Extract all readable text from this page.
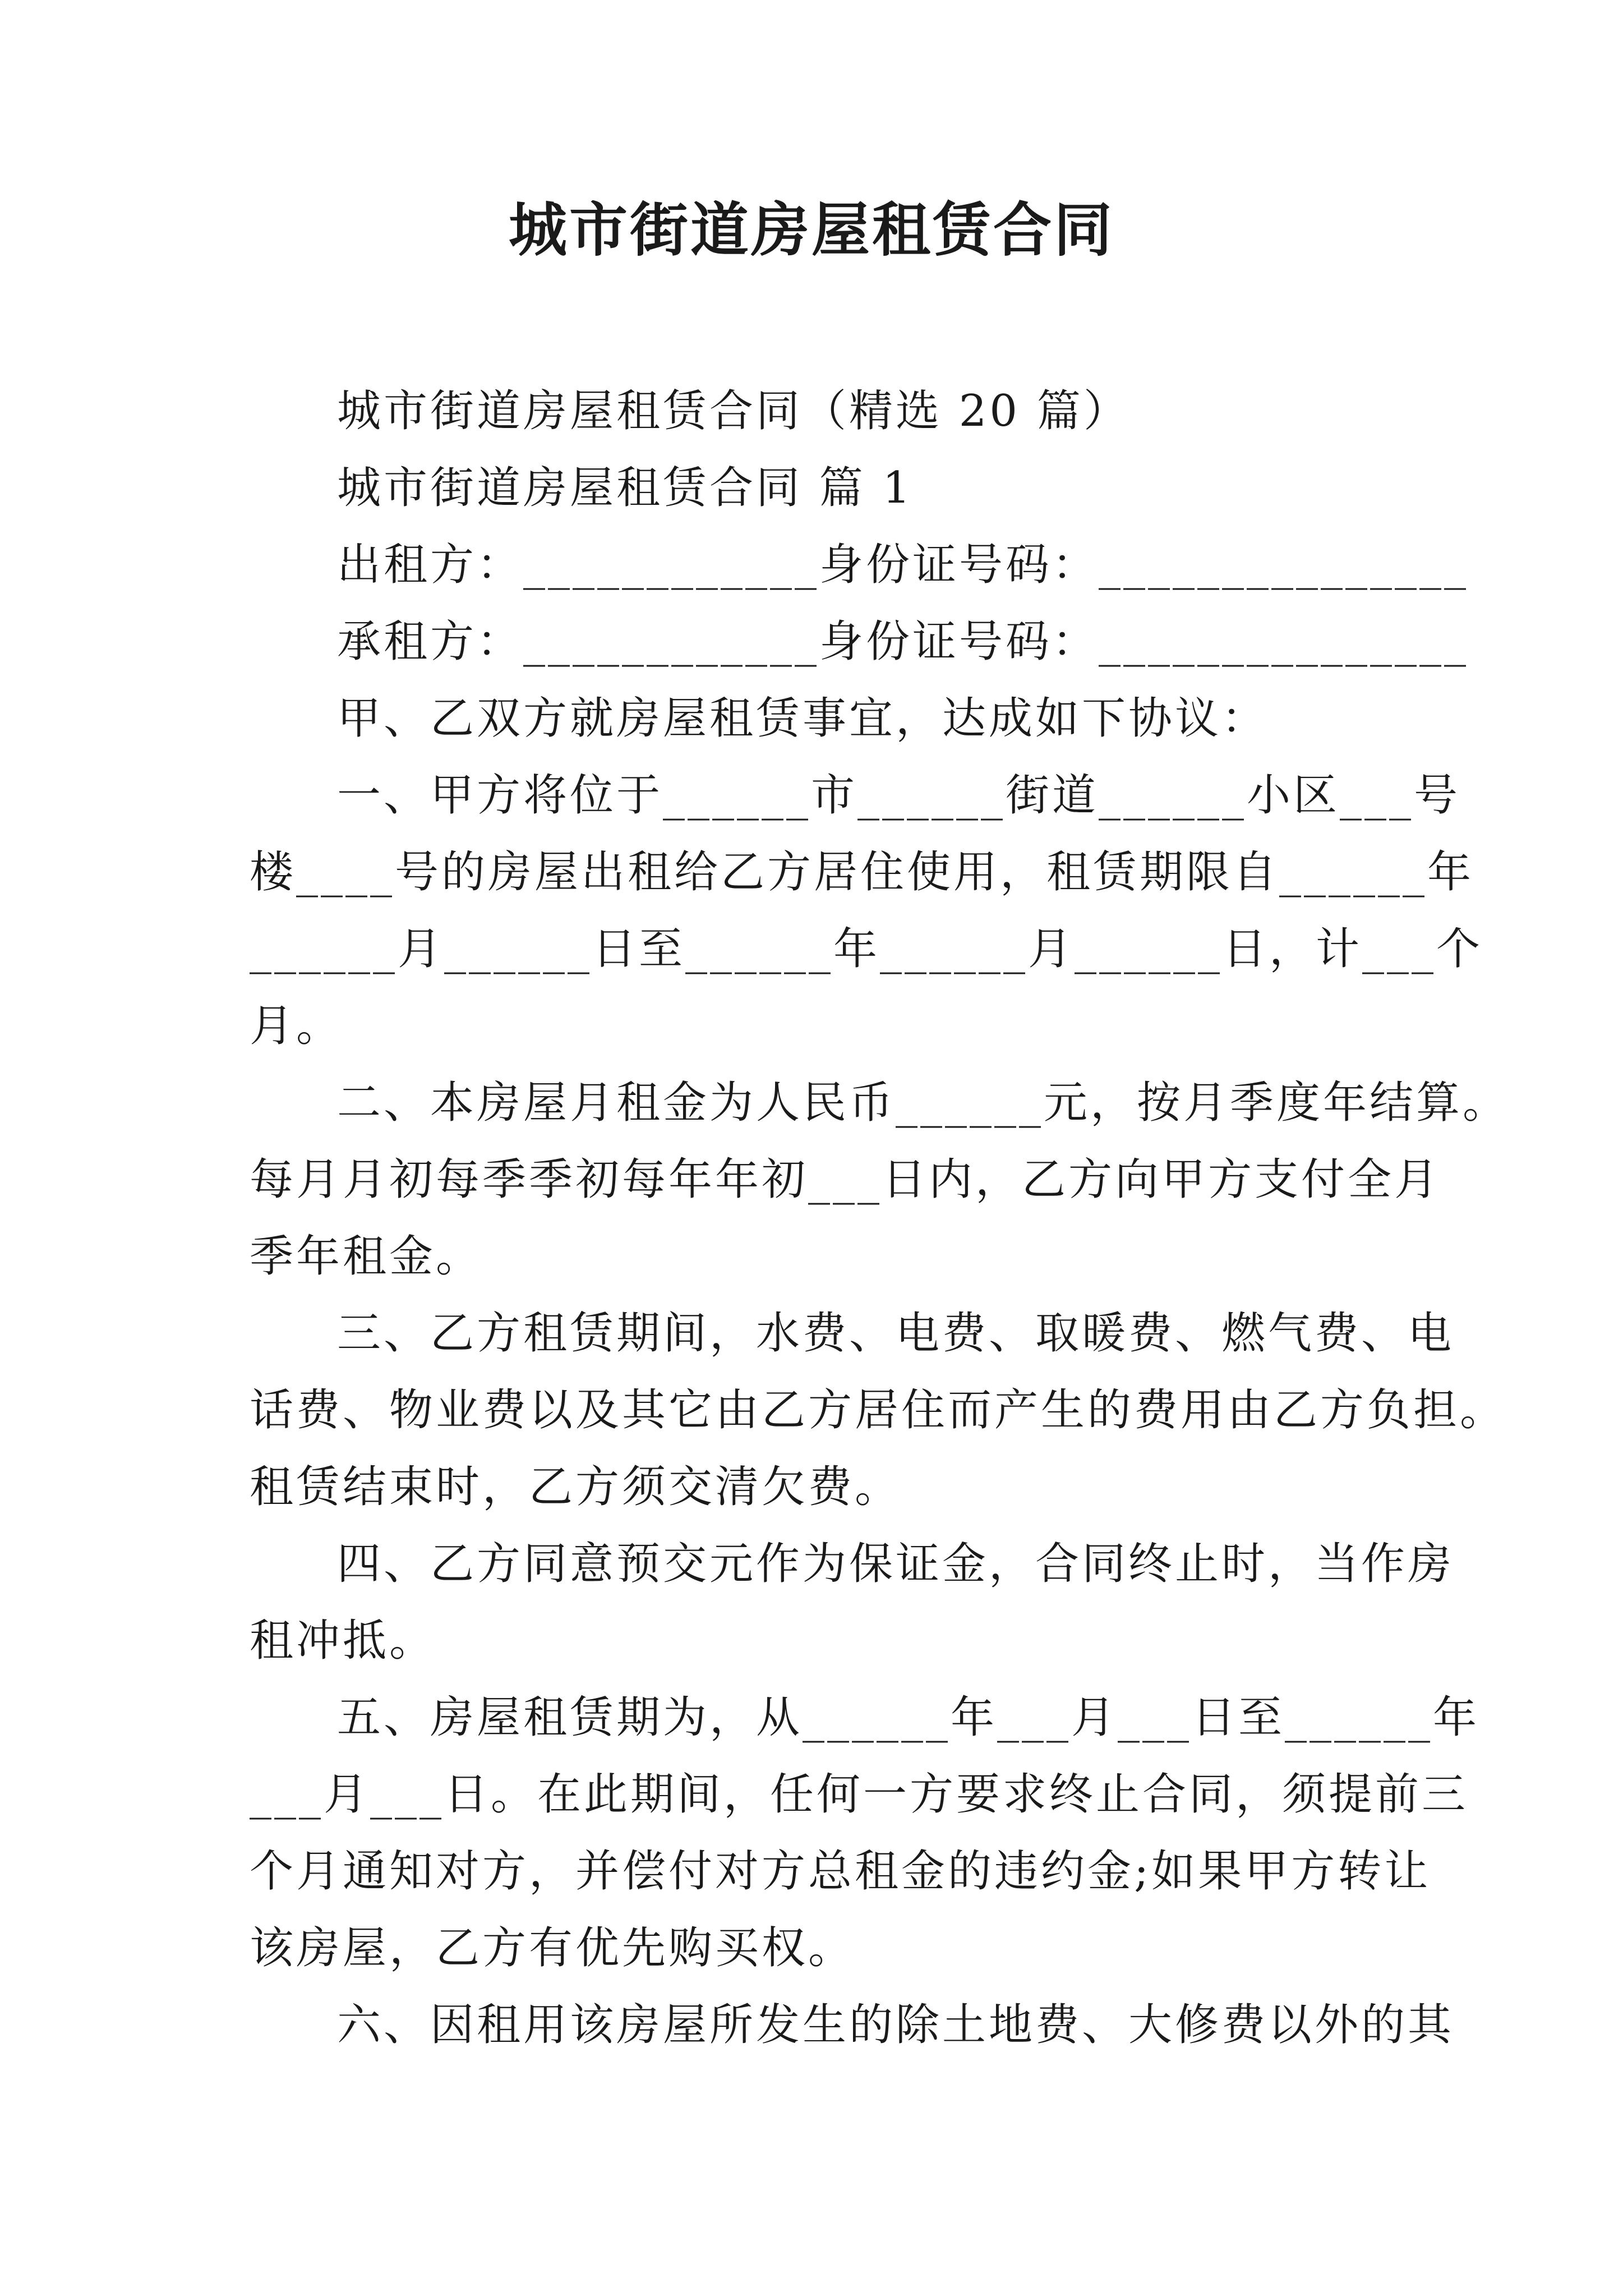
城市街道房屋租赁合同
城市街道房屋租赁合同（精选 20 篇）
城市街道房屋租赁合同 篇 1
出租方：____________身份证号码：_______________
承租方：____________身份证号码：_______________
甲、乙双方就房屋租赁事宜，达成如下协议：
一、甲方将位于______市______街道______小区___号
楼____号的房屋出租给乙方居住使用，租赁期限自______年
______月______日至______年______月______日，计___个
月。
二、本房屋月租金为人民币______元，按月季度年结算。
每月月初每季季初每年年初___日内，乙方向甲方支付全月
季年租金。
三、乙方租赁期间，水费、电费、取暖费、燃气费、电
话费、物业费以及其它由乙方居住而产生的费用由乙方负担。
租赁结束时，乙方须交清欠费。
四、乙方同意预交元作为保证金，合同终止时，当作房
租冲抵。
五、房屋租赁期为，从______年___月___日至______年
___月___日。在此期间，任何一方要求终止合同，须提前三
个月通知对方，并偿付对方总租金的违约金;如果甲方转让
该房屋，乙方有优先购买权。
六、因租用该房屋所发生的除土地费、大修费以外的其
